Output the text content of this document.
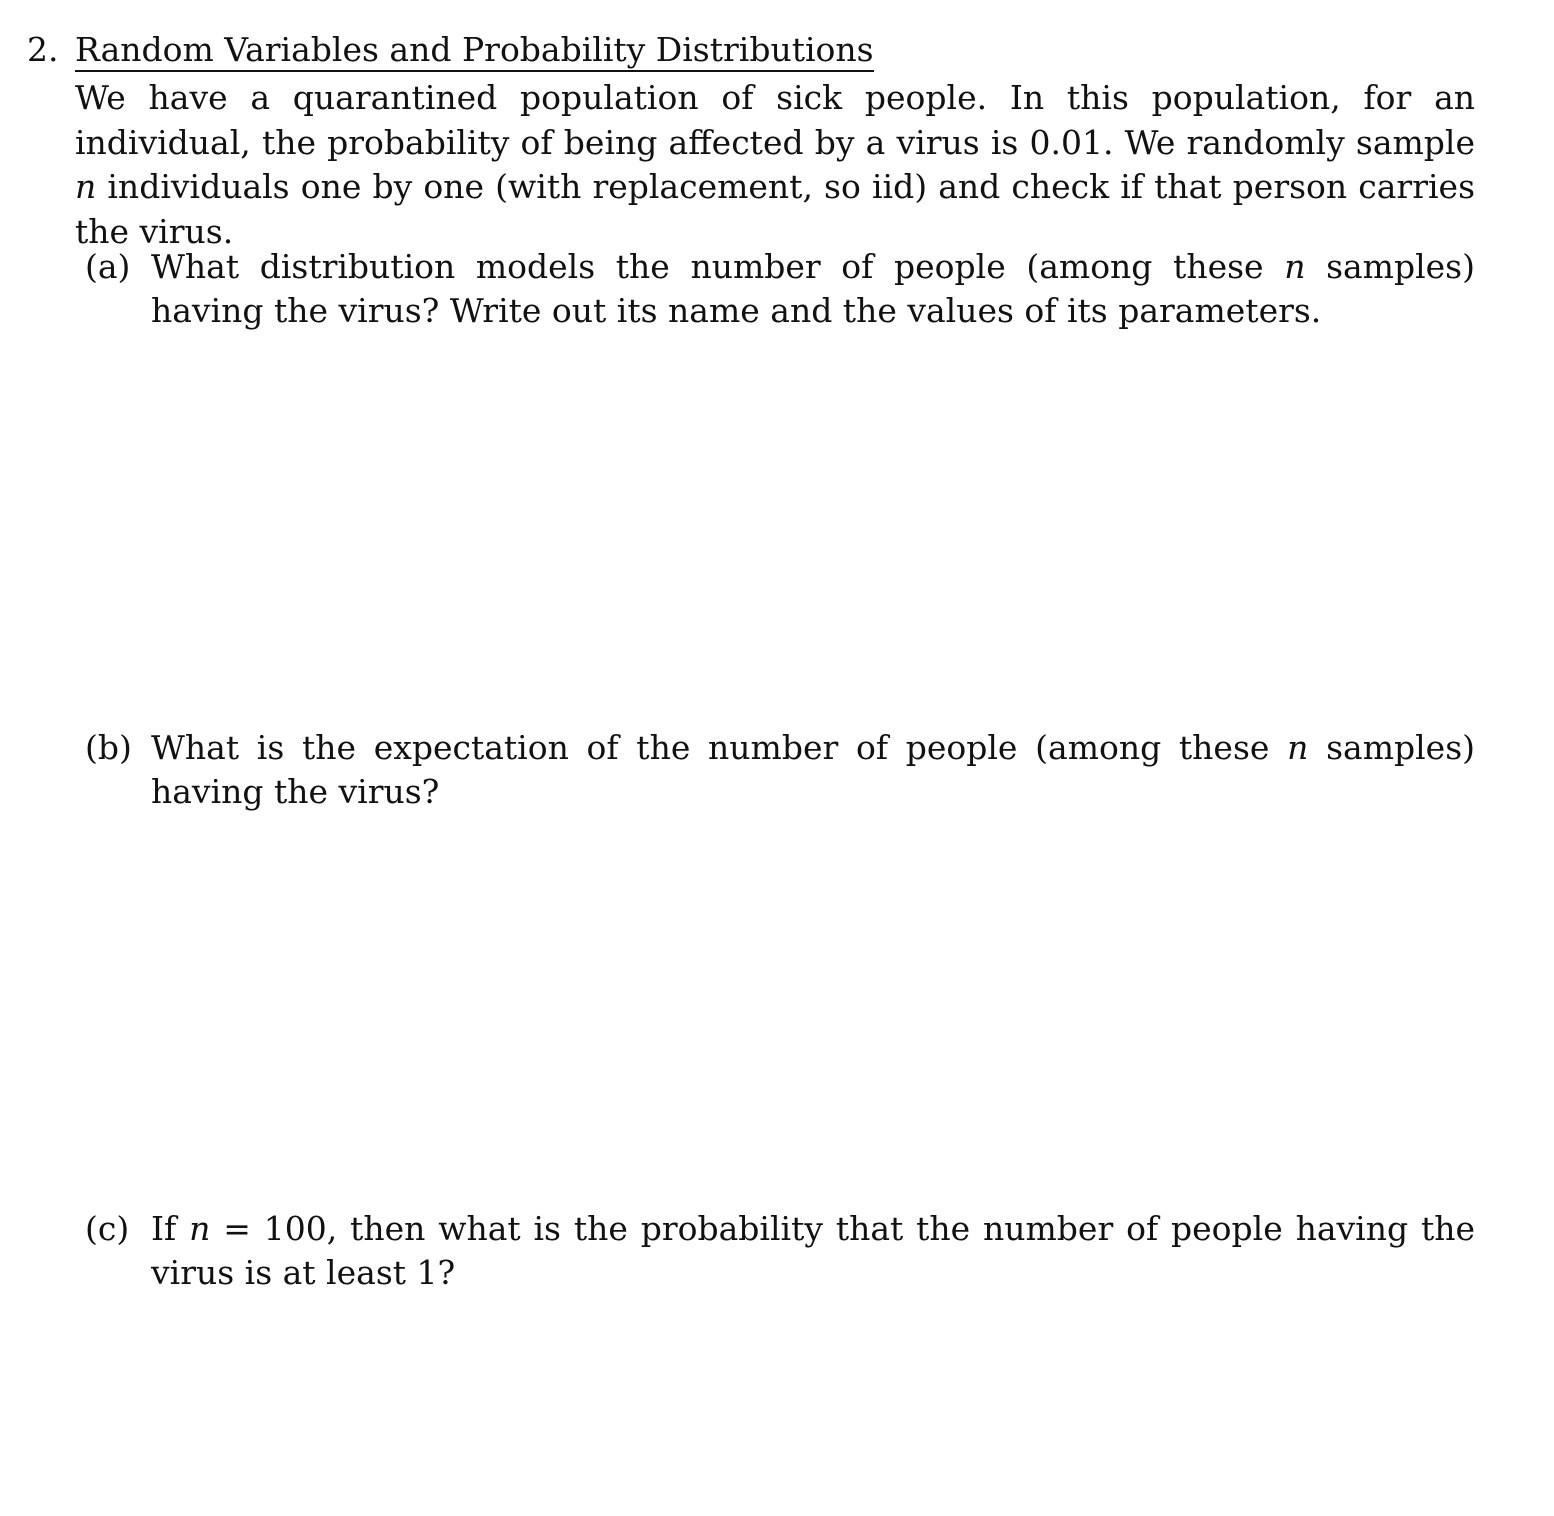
2. Random Variables and Probability Distributions
We have a quarantined population of sick people. In this population, for an individual, the probability of being affected by a virus is 0.01. We randomly sample n individuals one by one (with replacement, so iid) and check if that person carries the virus.
(a) What distribution models the number of people (among these n samples) having the virus? Write out its name and the values of its parameters.
(b) What is the expectation of the number of people (among these n samples) having the virus?
(c) If n = 100, then what is the probability that the number of people having the virus is at least 1?
